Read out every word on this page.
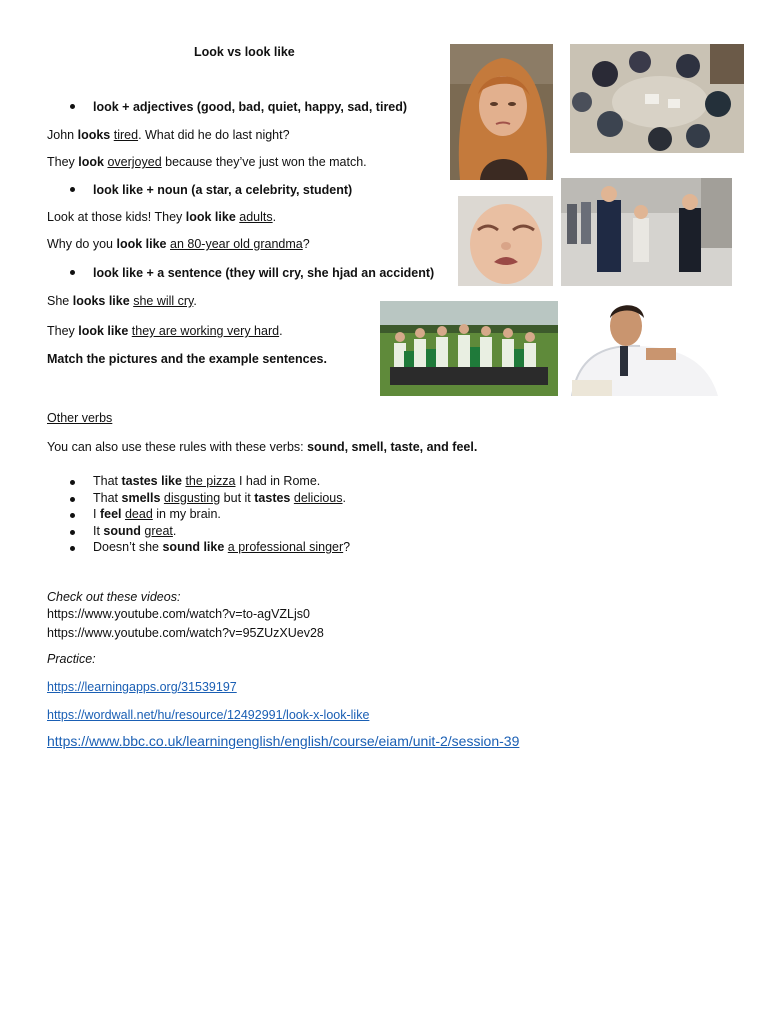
Look vs look like
look + adjectives (good, bad, quiet, happy, sad, tired)
John looks tired. What did he do last night?
They look overjoyed because they’ve just won the match.
look like + noun (a star, a celebrity, student)
Look at those kids! They look like adults.
Why do you look like an 80-year old grandma?
look like + a sentence (they will cry, she hjad an accident)
She looks like she will cry.
They look like they are working very hard.
Match the pictures and the example sentences.
Other verbs
You can also use these rules with these verbs: sound, smell, taste, and feel.
That tastes like the pizza I had in Rome.
That smells disgusting but it tastes delicious.
I feel dead in my brain.
It sound great.
Doesn’t she sound like a professional singer?
Check out these videos:
https://www.youtube.com/watch?v=to-agVZLjs0
https://www.youtube.com/watch?v=95ZUzXUev28
Practice:
https://learningapps.org/31539197
https://wordwall.net/hu/resource/12492991/look-x-look-like
https://www.bbc.co.uk/learningenglish/english/course/eiam/unit-2/session-39
